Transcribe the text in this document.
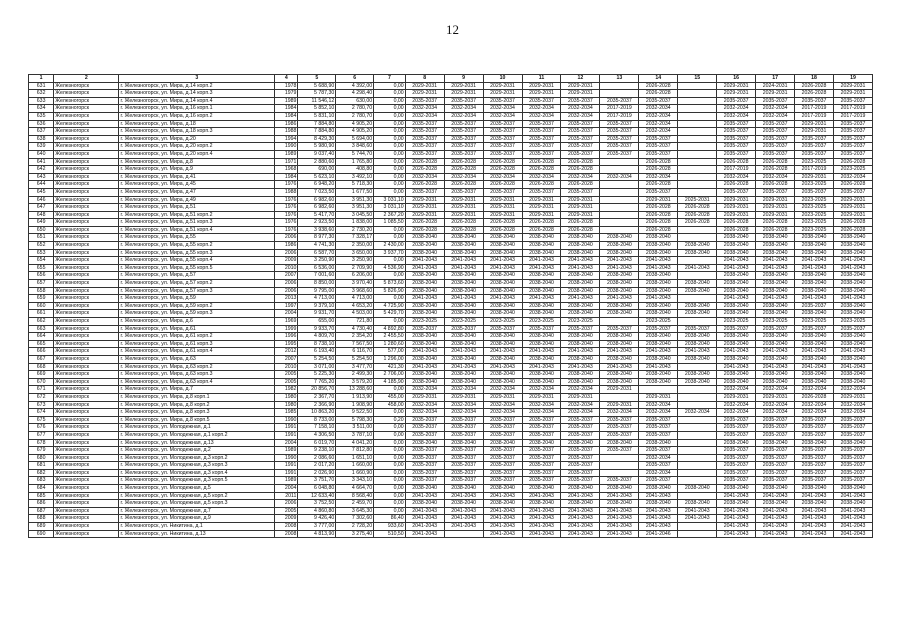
12
1	2	3	4	5	6	7	8	9	10	11	12	13	14	15	16	17	18	19
631	Железногорск	г. Железногорск, ул. Мира, д.14 корп.2	1978	5 688,90	4 392,00	0,00	2029-2031	2029-2031	2029-2031	2029-2031	2029-2031		2026-2028		2029-2031	2024-2031	2026-2028	2029-2031
632	Железногорск	г. Железногорск, ул. Мира, д.14 корп.3	1979	5 787,30	4 298,40	0,00	2029-2031	2029-2031	2029-2031	2029-2031	2029-2031		2026-2028		2029-2031	2029-2031	2026-2028	2029-2031
633	Железногорск	г. Железногорск, ул. Мира, д.14 корп.4	1989	11 546,12	630,00	0,00	2035-2037	2035-2037	2035-2037	2035-2037	2035-2037	2035-2037	2035-2037		2035-2037	2035-2037	2035-2037	2035-2037
634	Железногорск	г. Железногорск, ул. Мира, д.16 корп.1	1984	5 852,10	2 780,70	0,00	2032-2034	2032-2034	2032-2034	2032-2034	2032-2034	2017-2019	2032-2034		2032-2034	2032-2034	2017-2019	2017-2019
635	Железногорск	г. Железногорск, ул. Мира, д.16 корп.2	1984	5 831,10	2 780,70	0,00	2032-2034	2032-2034	2032-2034	2032-2034	2032-2034	2017-2019	2032-2034		2032-2034	2032-2034	2017-2019	2017-2019
636	Железногорск	г. Железногорск, ул. Мира, д.18	1986	7 884,80	4 905,20	0,00	2035-2037	2035-2037	2035-2037	2035-2037	2035-2037	2035-2037	2032-2034		2035-2037	2035-2037	2029-2031	2035-2037
637	Железногорск	г. Железногорск, ул. Мира, д.18 корп.3	1988	7 884,80	4 905,20	0,00	2035-2037	2035-2037	2035-2037	2035-2037	2035-2037	2035-2037	2032-2034		2035-2037	2035-2037	2029-2031	2035-2037
638	Железногорск	г. Железногорск, ул. Мира, д.20	1994	8 429,30	5 694,00	0,00	2035-2037	2035-2037	2035-2037	2035-2037	2035-2037	2035-2037	2035-2037		2035-2037	2035-2037	2035-2037	2035-2037
639	Железногорск	г. Железногорск, ул. Мира, д.20 корп.2	1990	5 980,90	3 848,60	0,00	2035-2037	2035-2037	2035-2037	2035-2037	2035-2037	2035-2037	2035-2037		2035-2037	2035-2037	2035-2037	2035-2037
640	Железногорск	г. Железногорск, ул. Мира, д.20 корп.4	1989	9 037,40	5 744,70	0,00	2035-2037	2035-2037	2035-2037	2035-2037	2035-2037	2035-2037	2035-2037		2035-2037	2035-2037	2035-2037	2035-2037
641	Железногорск	г. Железногорск, ул. Мира, д.8	1971	2 880,60	1 765,80	0,00	2026-2028	2026-2028	2026-2028	2026-2028	2026-2028		2026-2028		2026-2028	2026-2028	2023-2025	2026-2028
642	Железногорск	г. Железногорск, ул. Мира, д.9	1968	690,00	408,80	0,00	2026-2028	2026-2028	2026-2028	2026-2028	2026-2028		2026-2028		2017-2019	2026-2028	2017-2019	2023-2025
643	Железногорск	г. Железногорск, ул. Мира, д.41	1984	5 623,10	3 492,10	0,00	2032-2034	2032-2034	2032-2034	2032-2034	2032-2034	2032-2034	2032-2034		2032-2034	2032-2034	2029-2031	2032-2034
644	Железногорск	г. Железногорск, ул. Мира, д.45	1976	6 948,20	5 718,30	0,00	2026-2028	2026-2028	2026-2028	2026-2028	2026-2028		2026-2028		2026-2028	2026-2028	2023-2025	2026-2028
645	Железногорск	г. Железногорск, ул. Мира, д.47	1988	7 023,50	1 677,50	0,00	2035-2037	2035-2037	2035-2037	2035-2037	2035-2037		2035-2037		2035-2037	2035-2037	2035-2037	2035-2037
646	Железногорск	г. Железногорск, ул. Мира, д.49	1976	6 982,60	3 951,30	3 031,10	2029-2031	2029-2031	2029-2031	2029-2031	2029-2031		2029-2031	2025-2031	2029-2031	2029-2031	2023-2025	2029-2031
647	Железногорск	г. Железногорск, ул. Мира, д.51	1976	6 982,60	3 951,30	3 031,10	2029-2031	2029-2031	2029-2031	2029-2031	2029-2031		2026-2028	2026-2028	2029-2031	2029-2031	2023-2025	2029-2031
648	Железногорск	г. Железногорск, ул. Мира, д.51 корп.2	1976	5 417,70	3 045,50	2 367,20	2029-2031	2029-2031	2029-2031	2029-2031	2029-2031		2026-2028	2026-2028	2029-2031	2029-2031	2023-2025	2029-2031
649	Железногорск	г. Железногорск, ул. Мира, д.51 корп.3	1976	2 923,50	1 838,00	1 085,50	2026-2028	2026-2028	2026-2028	2026-2028	2026-2028		2026-2028	2026-2028	2026-2028	2026-2028	2023-2025	2026-2028
650	Железногорск	г. Железногорск, ул. Мира, д.51 корп.4	1976	3 938,60	2 730,20	0,00	2026-2028	2026-2028	2026-2028	2026-2028	2026-2028		2026-2028		2026-2028	2026-2028	2023-2025	2026-2028
651	Железногорск	г. Железногорск, ул. Мира, д.55	2006	8 977,30	7 328,17	0,00	2038-2040	2038-2040	2038-2040	2038-2040	2038-2040	2038-2040	2038-2040		2038-2040	2038-2040	2038-2040	2038-2040
652	Железногорск	г. Железногорск, ул. Мира, д.55 корп.2	1986	4 741,30	2 350,00	2 430,00	2038-2040	2038-2040	2038-2040	2038-2040	2038-2040	2038-2040	2038-2040	2038-2040	2038-2040	2038-2040	2038-2040	2038-2040
653	Железногорск	г. Железногорск, ул. Мира, д.55 корп.3	2006	6 587,70	3 650,00	3 937,70	2038-2040	2038-2040	2038-2040	2038-2040	2038-2040	2038-2040	2038-2040	2038-2040	2038-2040	2038-2040	2038-2040	2038-2040
654	Железногорск	г. Железногорск, ул. Мира, д.55 корп.4	2009	3 250,90	3 250,90	0,00	2041-2043	2041-2043	2041-2043	2041-2043	2041-2043	2041-2043	2041-2043		2041-2043	2041-2043	2041-2043	2041-2043
655	Железногорск	г. Железногорск, ул. Мира, д.55 корп.5	2010	6 536,00	2 709,90	4 536,90	2041-2043	2041-2043	2041-2043	2041-2043	2041-2043	2041-2043	2041-2043	2041-2043	2041-2043	2041-2043	2041-2043	2041-2043
656	Железногорск	г. Железногорск, ул. Мира, д.57	2007	7 001,60	6 206,00	0,00	2038-2040	2038-2040	2038-2040	2038-2040	2038-2040	2038-2040	2038-2040		2038-2040	2038-2040	2038-2040	2038-2040
657	Железногорск	г. Железногорск, ул. Мира, д.57 корп.2	2006	8 850,00	3 970,40	5 873,60	2038-2040	2038-2040	2038-2040	2038-2040	2038-2040	2038-2040	2038-2040	2038-2040	2038-2040	2038-2040	2038-2040	2038-2040
658	Железногорск	г. Железногорск, ул. Мира, д.57 корп.3	2006	9 795,00	3 968,60	5 826,90	2038-2040	2038-2040	2038-2040	2038-2040	2038-2040	2038-2040	2038-2040	2038-2040	2038-2040	2038-2040	2038-2040	2038-2040
659	Железногорск	г. Железногорск, ул. Мира, д.59	2013	4 713,00	4 713,00	0,00	2041-2043	2041-2043	2041-2043	2041-2043	2041-2043	2041-2043	2041-2043		2041-2043	2041-2043	2041-2043	2041-2043
660	Железногорск	г. Железногорск, ул. Мира, д.59 корп.2	1997	9 379,10	4 653,20	4 725,90	2038-2040	2038-2040	2038-2040	2038-2040	2038-2040	2038-2040	2038-2040	2038-2040	2038-2040	2038-2040	2035-2037	2038-2040
661	Железногорск	г. Железногорск, ул. Мира, д.59 корп.3	2004	9 931,70	4 503,00	5 429,70	2038-2040	2038-2040	2038-2040	2038-2040	2038-2040	2038-2040	2038-2040	2038-2040	2038-2040	2038-2040	2038-2040	2038-2040
662	Железногорск	г. Железногорск, ул. Мира, д.6	1969	655,00	721,80	0,00	2023-2025	2023-2025	2023-2025	2023-2025	2023-2025		2023-2025		2023-2025	2023-2025	2023-2025	2023-2025
663	Железногорск	г. Железногорск, ул. Мира, д.61	1999	9 933,70	4 730,40	4 892,80	2035-2037	2035-2037	2035-2037	2035-2037	2035-2037	2035-2037	2035-2037	2035-2037	2035-2037	2035-2037	2035-2037	2035-2037
664	Железногорск	г. Железногорск, ул. Мира, д.61 корп.2	1996	4 809,70	2 354,20	2 455,50	2038-2040	2038-2040	2038-2040	2038-2040	2038-2040	2038-2040	2038-2040	2038-2040	2038-2040	2038-2040	2038-2040	2038-2040
665	Железногорск	г. Железногорск, ул. Мира, д.61 корп.3	1995	8 738,10	7 567,50	1 280,60	2038-2040	2038-2040	2038-2040	2038-2040	2038-2040	2038-2040	2038-2040	2038-2040	2038-2040	2038-2040	2038-2040	2038-2040
666	Железногорск	г. Железногорск, ул. Мира, д.61 корп.4	2012	6 193,40	6 116,70	577,00	2041-2043	2041-2043	2041-2043	2041-2043	2041-2043	2041-2043	2041-2043	2041-2043	2041-2043	2041-2043	2041-2043	2041-2043
667	Железногорск	г. Железногорск, ул. Мира, д.63	2007	5 254,50	5 254,50	1 296,00	2038-2040	2038-2040	2038-2040	2038-2040	2038-2040	2038-2040	2038-2040	2038-2040	2038-2040	2038-2040	2038-2040	2038-2040
668	Железногорск	г. Железногорск, ул. Мира, д.63 корп.2	2010	3 071,00	3 477,70	421,30	2041-2043	2041-2043	2041-2043	2041-2043	2041-2043	2041-2043	2041-2043		2041-2043	2041-2043	2041-2043	2041-2043
669	Железногорск	г. Железногорск, ул. Мира, д.63 корп.3	2005	5 225,30	2 499,30	2 706,00	2038-2040	2038-2040	2038-2040	2038-2040	2038-2040	2038-2040	2038-2040	2038-2040	2038-2040	2038-2040	2038-2040	2038-2040
670	Железногорск	г. Железногорск, ул. Мира, д.63 корп.4	2005	7 765,20	3 579,20	4 185,90	2038-2040	2038-2040	2038-2040	2038-2040	2038-2040	2038-2040	2038-2040	2038-2040	2038-2040	2038-2040	2038-2040	2038-2040
671	Железногорск	г. Железногорск, ул. Мира, д.7	1982	20 856,70	13 288,60	0,00	2032-2034	2032-2034	2032-2034	2032-2034	2032-2034	2029-2031			2032-2034	2032-2034	2032-2034	2032-2034
672	Железногорск	г. Железногорск, ул. Мира, д.8 корп.1	1980	2 367,70	1 913,90	455,00	2029-2031	2029-2031	2029-2031	2029-2031	2029-2031		2029-2031		2029-2031	2029-2031	2026-2028	2029-2031
673	Железногорск	г. Железногорск, ул. Мира, д.8 корп.2	1980	2 366,90	1 908,90	458,00	2032-2034	2032-2034	2032-2034	2032-2034	2032-2034	2029-2031	2032-2034		2032-2034	2032-2034	2032-2034	2032-2034
674	Железногорск	г. Железногорск, ул. Мира, д.8 корп.3	1985	10 863,20	9 522,50	0,00	2032-2034	2032-2034	2032-2034	2032-2034	2032-2034	2032-2034	2032-2034	2032-2034	2032-2034	2032-2034	2032-2034	2032-2034
675	Железногорск	г. Железногорск, ул. Мира, д.8 корп.5	1990	8 733,00	5 798,30	0,20	2035-2037	2035-2037	2035-2037	2035-2037	2035-2037	2035-2037	2035-2037		2035-2037	2035-2037	2035-2037	2035-2037
676	Железногорск	г. Железногорск, ул. Молодежная, д.1	1991	7 158,10	3 511,00	0,00	2035-2037	2035-2037	2035-2037	2035-2037	2035-2037	2035-2037	2035-2037		2035-2037	2035-2037	2035-2037	2035-2037
677	Железногорск	г. Железногорск, ул. Молодежная, д.1 корп.2	1991	4 306,50	3 787,10	0,00	2035-2037	2035-2037	2035-2037	2035-2037	2035-2037	2035-2037	2035-2037		2035-2037	2035-2037	2035-2037	2035-2037
678	Железногорск	г. Железногорск, ул. Молодежная, д.13	2004	6 019,70	4 041,20	0,00	2038-2040	2038-2040	2038-2040	2038-2040	2038-2040	2038-2040	2038-2040		2038-2040	2038-2040	2038-2040	2038-2040
679	Железногорск	г. Железногорск, ул. Молодежная, д.2	1989	9 238,10	7 812,80	0,00	2035-2037	2035-2037	2035-2037	2035-2037	2035-2037	2035-2037	2035-2037		2035-2037	2035-2037	2035-2037	2035-2037
680	Железногорск	г. Железногорск, ул. Молодежная, д.3 корп.2	1990	2 086,60	1 651,10	0,00	2035-2037	2035-2037	2035-2037	2035-2037	2035-2037		2032-2034		2035-2037	2035-2037	2035-2037	2035-2037
681	Железногорск	г. Железногорск, ул. Молодежная, д.3 корп.3	1991	2 017,20	1 660,00	0,00	2035-2037	2035-2037	2035-2037	2035-2037	2035-2037		2035-2037		2035-2037	2035-2037	2035-2037	2035-2037
682	Железногорск	г. Железногорск, ул. Молодежная, д.3 корп.4	1991	2 026,90	1 660,90	0,00	2035-2037	2035-2037	2035-2037	2035-2037	2035-2037		2032-2034		2035-2037	2035-2037	2035-2037	2035-2037
683	Железногорск	г. Железногорск, ул. Молодежная, д.3 корп.5	1989	3 751,70	3 343,10	0,00	2035-2037	2035-2037	2035-2037	2035-2037	2035-2037	2035-2037	2035-2037		2035-2037	2035-2037	2035-2037	2035-2037
684	Железногорск	г. Железногорск, ул. Молодежная, д.5	2004	6 048,80	4 664,70	0,00	2038-2040	2038-2040	2038-2040	2038-2040	2038-2040	2038-2040	2038-2040	2038-2040	2038-2040	2038-2040	2038-2040	2038-2040
685	Железногорск	г. Железногорск, ул. Молодежная, д.5 корп.2	2011	12 633,40	8 568,40	0,00	2041-2043	2041-2043	2041-2043	2041-2043	2041-2043	2041-2043	2041-2043		2041-2043	2041-2043	2041-2043	2041-2043
686	Железногорск	г. Железногорск, ул. Молодежная, д.5 корп.3	2006	3 752,50	2 459,70	0,00	2038-2040	2038-2040	2038-2040	2038-2040	2038-2040	2038-2040	2038-2040	2038-2040	2038-2040	2038-2040	2038-2040	2038-2040
687	Железногорск	г. Железногорск, ул. Молодежная, д.7	2005	4 860,80	3 645,30	0,00	2041-2043	2041-2043	2041-2043	2041-2043	2041-2043	2041-2043	2041-2043	2041-2043	2041-2043	2041-2043	2041-2043	2041-2043
688	Железногорск	г. Железногорск, ул. Молодежная, д.9	2009	9 426,40	7 302,60	86,40	2041-2043	2041-2043	2041-2043	2041-2043	2041-2043	2041-2043	2041-2043	2041-2043	2041-2043	2041-2043	2041-2043	2041-2043
689	Железногорск	г. Железногорск, ул. Никитина, д.1	2008	3 777,00	2 728,20	933,60	2041-2043	2041-2043	2041-2043	2041-2043	2041-2043	2041-2043	2041-2043		2041-2043	2041-2043	2041-2043	2041-2043
690	Железногорск	г. Железногорск, ул. Никитина, д.13	2008	4 813,90	3 275,40	510,50	2041-2043		2041-2043	2041-2043	2041-2043	2041-2043	2041-2046		2041-2043	2041-2043	2041-2043	2041-2043
